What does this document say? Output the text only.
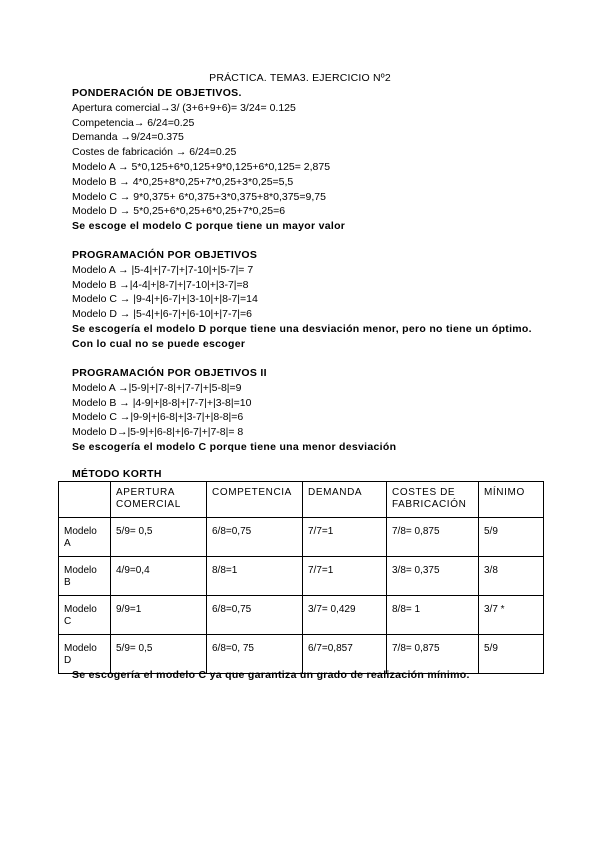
PRÁCTICA. TEMA3. EJERCICIO Nº2
PONDERACIÓN DE OBJETIVOS.
Apertura comercial→3/ (3+6+9+6)= 3/24= 0.125
Competencia→ 6/24=0.25
Demanda →9/24=0.375
Costes de fabricación → 6/24=0.25
Modelo A → 5*0,125+6*0,125+9*0,125+6*0,125= 2,875
Modelo B → 4*0,25+8*0,25+7*0,25+3*0,25=5,5
Modelo C → 9*0,375+ 6*0,375+3*0,375+8*0,375=9,75
Modelo D → 5*0,25+6*0,25+6*0,25+7*0,25=6
Se escoge el modelo C porque tiene un mayor valor
PROGRAMACIÓN POR OBJETIVOS
Modelo A → |5-4|+|7-7|+|7-10|+|5-7|= 7
Modelo B →|4-4|+|8-7|+|7-10|+|3-7|=8
Modelo C → |9-4|+|6-7|+|3-10|+|8-7|=14
Modelo D → |5-4|+|6-7|+|6-10|+|7-7|=6
Se escogería el modelo D porque tiene una desviación menor, pero no tiene un óptimo. Con lo cual no se puede escoger
PROGRAMACIÓN POR OBJETIVOS II
Modelo A →|5-9|+|7-8|+|7-7|+|5-8|=9
Modelo B → |4-9|+|8-8|+|7-7|+|3-8|=10
Modelo C →|9-9|+|6-8|+|3-7|+|8-8|=6
Modelo D→|5-9|+|6-8|+|6-7|+|7-8|= 8
Se escogería el modelo C porque tiene una menor desviación
MÉTODO KORTH
	APERTURA COMERCIAL	COMPETENCIA	DEMANDA	COSTES DE FABRICACIÓN	MÍNIMO
Modelo A	5/9= 0,5	6/8=0,75	7/7=1	7/8= 0,875	5/9
Modelo B	4/9=0,4	8/8=1	7/7=1	3/8= 0,375	3/8
Modelo C	9/9=1	6/8=0,75	3/7= 0,429	8/8= 1	3/7 *
Modelo D	5/9= 0,5	6/8=0, 75	6/7=0,857	7/8= 0,875	5/9
Se escogería el modelo C ya que garantiza un grado de realización mínimo.
